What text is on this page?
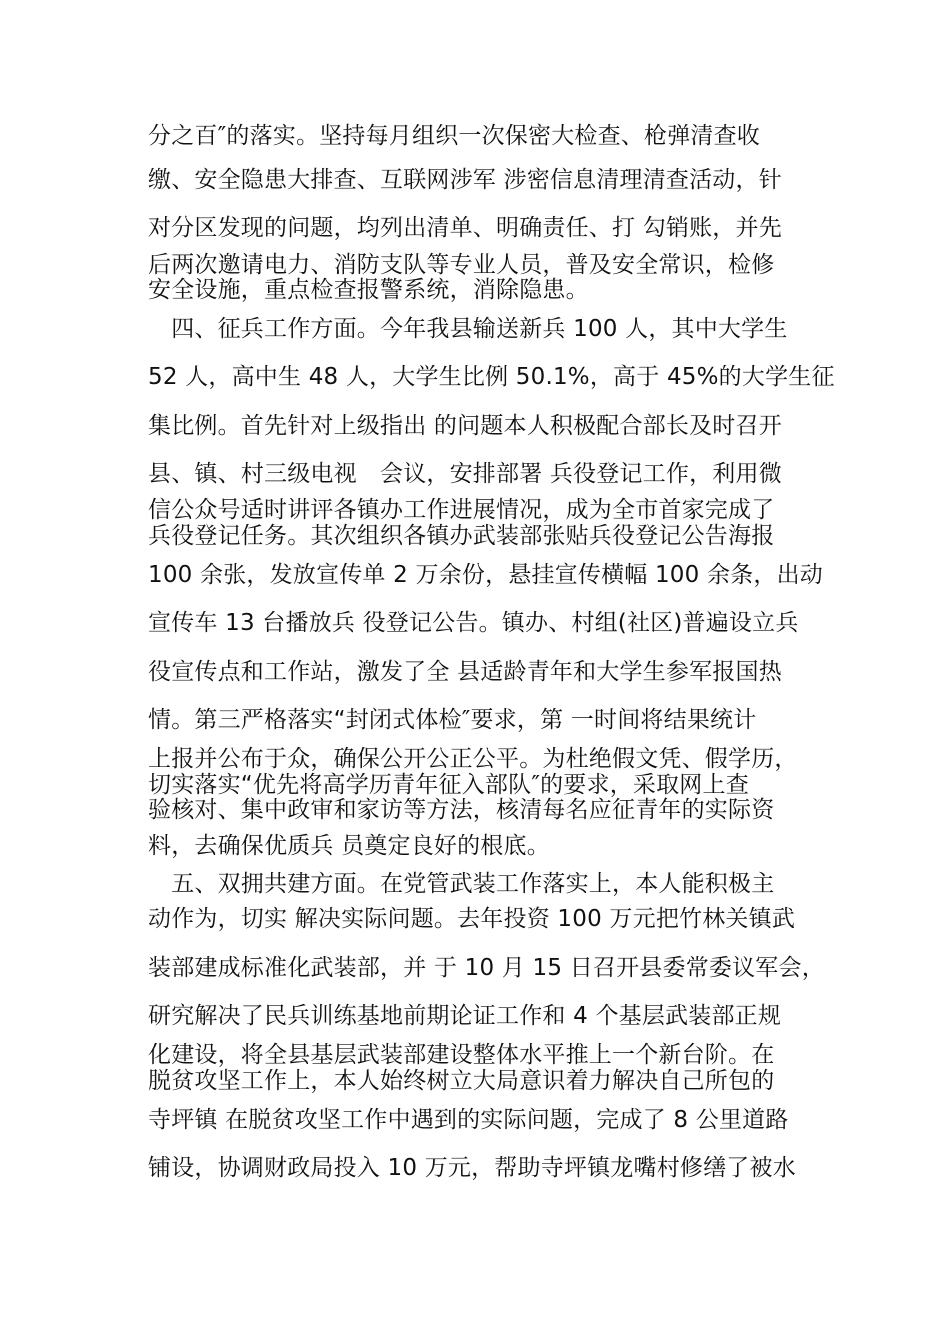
分之百″的落实。坚持每月组织一次保密大检查、枪弹清查收

缴、安全隐患大排查、互联网涉军 涉密信息清理清查活动，针

对分区发现的问题，均列出清单、明确责任、打 勾销账，并先

后两次邀请电力、消防支队等专业人员，普及安全常识，检修

安全设施，重点检查报警系统，消除隐患。

　四、征兵工作方面。今年我县输送新兵 100 人，其中大学生

52 人，高中生 48 人，大学生比例 50.1%，高于 45%的大学生征

集比例。首先针对上级指出 的问题本人积极配合部长及时召开

县、镇、村三级电视　会议，安排部署 兵役登记工作，利用微

信公众号适时讲评各镇办工作进展情况，成为全市首家完成了

兵役登记任务。其次组织各镇办武装部张贴兵役登记公告海报

100 余张，发放宣传单 2 万余份，悬挂宣传横幅 100 余条，出动

宣传车 13 台播放兵 役登记公告。镇办、村组(社区)普遍设立兵

役宣传点和工作站，激发了全 县适龄青年和大学生参军报国热

情。第三严格落实“封闭式体检″要求，第 一时间将结果统计

上报并公布于众，确保公开公正公平。为杜绝假文凭、假学历，

切实落实“优先将高学历青年征入部队″的要求，采取网上查

验核对、集中政审和家访等方法，核清每名应征青年的实际资

料，去确保优质兵 员奠定良好的根底。

　五、双拥共建方面。在党管武装工作落实上，本人能积极主

动作为，切实 解决实际问题。去年投资 100 万元把竹林关镇武

装部建成标准化武装部，并 于 10 月 15 日召开县委常委议军会，

研究解决了民兵训练基地前期论证工作和 4 个基层武装部正规

化建设，将全县基层武装部建设整体水平推上一个新台阶。在

脱贫攻坚工作上，本人始终树立大局意识着力解决自己所包的

寺坪镇 在脱贫攻坚工作中遇到的实际问题，完成了 8 公里道路

铺设，协调财政局投入 10 万元，帮助寺坪镇龙嘴村修缮了被水
